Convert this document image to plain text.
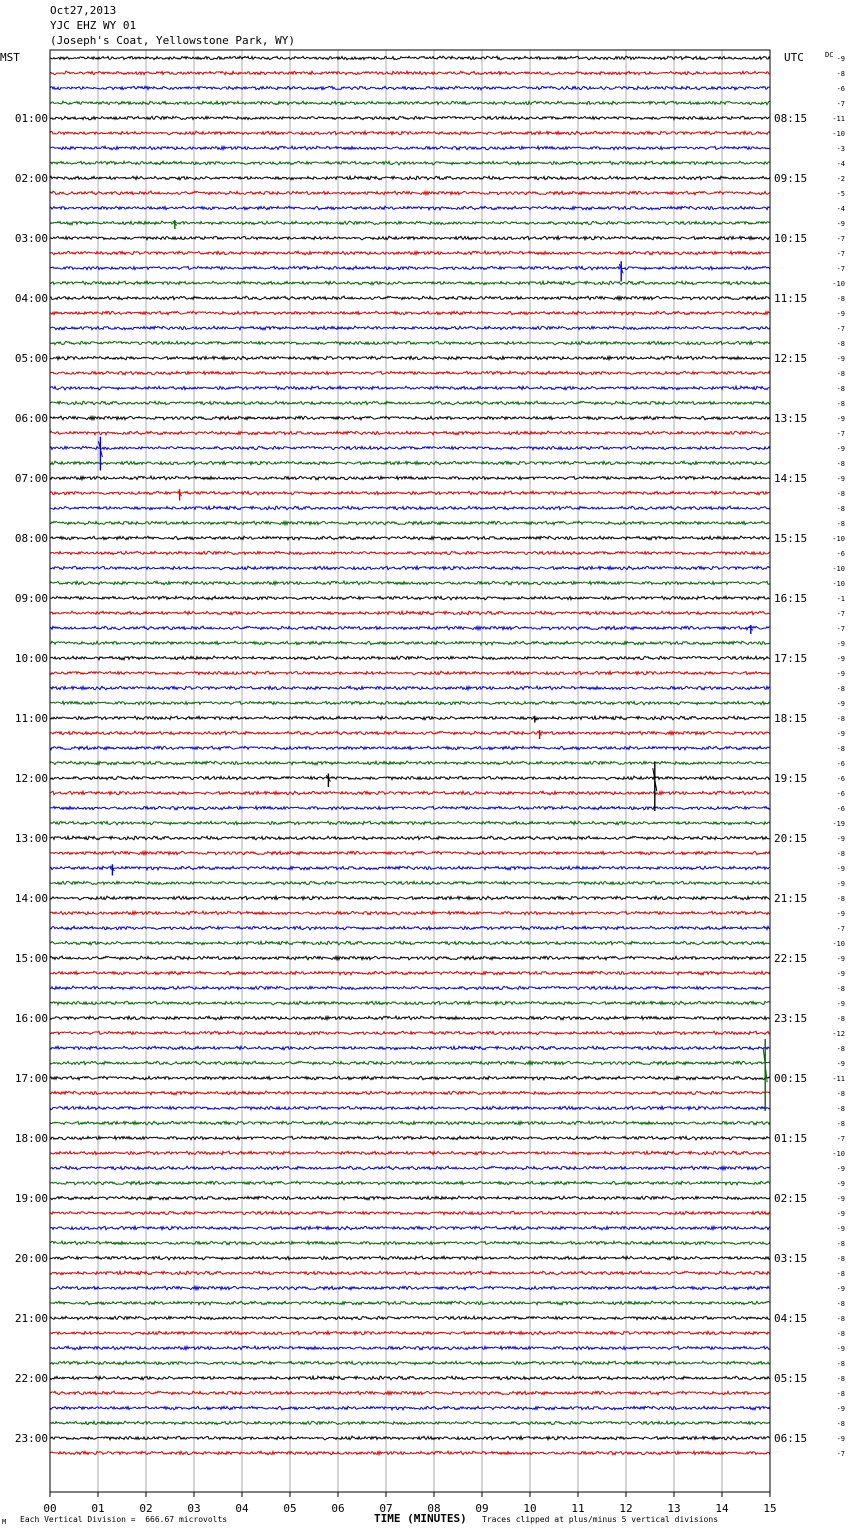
Oct27,2013
YJC EHZ WY 01
(Joseph's Coat, Yellowstone Park, WY)
00	01	02	03	04	05	06	07	08	09	10	11	12	13	14	15
MST	UTC	DC -9
-8
-6
-7
-11
01:00	08:15
-10
-3
-4
-2
02:00	09:15
-5
-4
-9
-7
03:00	10:15
-7
-7
-10
-8
04:00	11:15
-9
-7
-8
-9
05:00	12:15
-8
-8
-8
-9
06:00	13:15
-7
-9
-8
-9
07:00	14:15
-8
-8
-8
-10
08:00	15:15
-6
-10
-10
-1
09:00	16:15
-7
-7
-9
-9
10:00	17:15
-9
-8
-9
-8
11:00	18:15
-9
-8
-6
-6
12:00	19:15
-6
-6
-19
-9
13:00	20:15
-8
-9
-9
-8
14:00	21:15
-9
-7
-10
-9
15:00	22:15
-9
-8
-9
-8
16:00	23:15
-12
-8
-9
-11
17:00	00:15
-8
-8
-8
-7
18:00	01:15
-10
-9
-9
-9
19:00	02:15
-9
-9
-8
-8
20:00	03:15
-8
-9
-8
-8
21:00	04:15
-8
-9
-8
-8
22:00	05:15
-8
-9
-8
-9
23:00	06:15
-7
M Each Vertical Division =  666.67 microvolts	TIME (MINUTES) Traces clipped at plus/minus 5 vertical divisions
